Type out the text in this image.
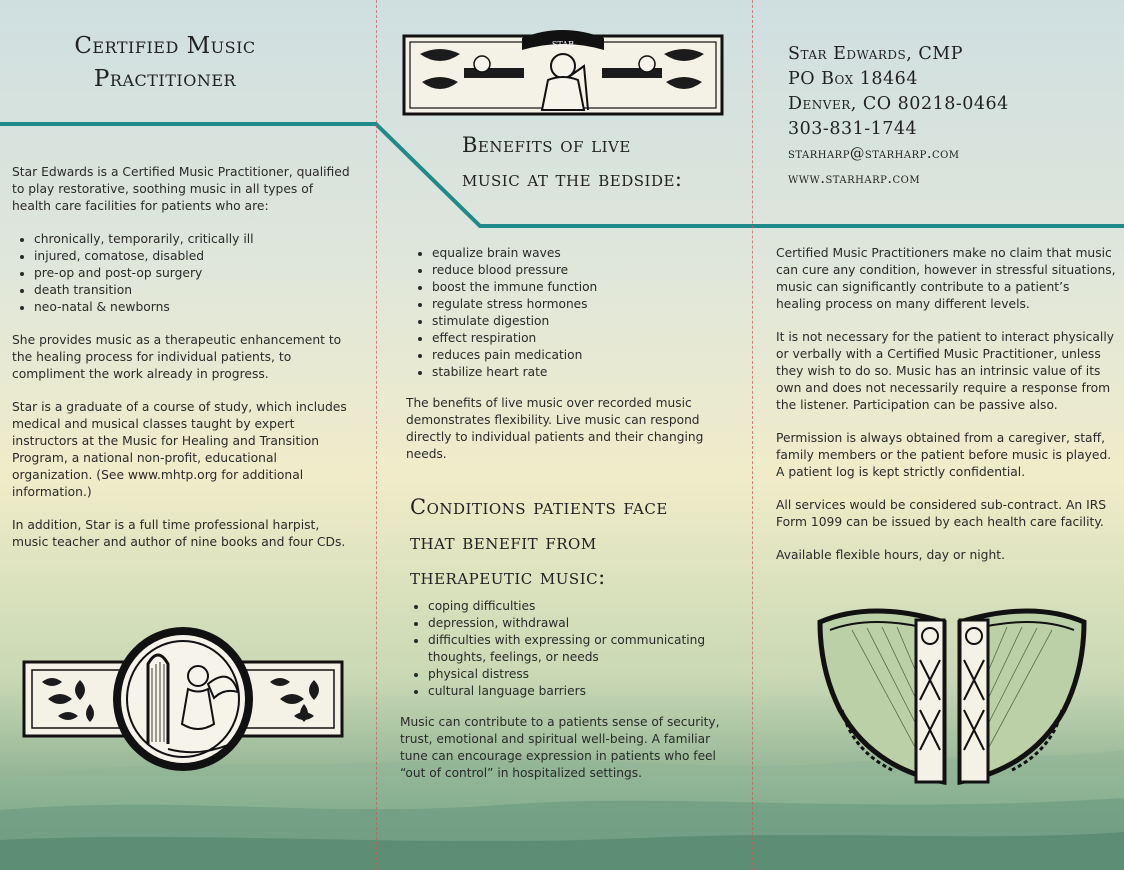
Certified Music
Practitioner

Star Edwards is a Certified Music Practitioner, qualified to play restorative, soothing music in all types of health care facilities for patients who are:

• chronically, temporarily, critically ill
• injured, comatose, disabled
• pre-op and post-op surgery
• death transition
• neo-natal & newborns

She provides music as a therapeutic enhancement to the healing process for individual patients, to compliment the work already in progress.

Star is a graduate of a course of study, which includes medical and musical classes taught by expert instructors at the Music for Healing and Transition Program, a national non-profit, educational organization. (See www.mhtp.org for additional information.)

In addition, Star is a full time professional harpist, music teacher and author of nine books and four CDs.

STAR
Benefits of live
music at the bedside:
• equalize brain waves
• reduce blood pressure
• boost the immune function
• regulate stress hormones
• stimulate digestion
• effect respiration
• reduces pain medication
• stabilize heart rate

The benefits of live music over recorded music demonstrates flexibility. Live music can respond directly to individual patients and their changing needs.

Conditions patients face
that benefit from
therapeutic music:
• coping difficulties
• depression, withdrawal
• difficulties with expressing or communicating thoughts, feelings, or needs
• physical distress
• cultural language barriers

Music can contribute to a patients sense of security, trust, emotional and spiritual well-being. A familiar tune can encourage expression in patients who feel “out of control” in hospitalized settings.

Star Edwards, CMP
PO Box 18464
Denver, CO 80218-0464
303-831-1744
starharp@starharp.com
www.starharp.com

Certified Music Practitioners make no claim that music can cure any condition, however in stressful situations, music can significantly contribute to a patient’s healing process on many different levels.

It is not necessary for the patient to interact physically or verbally with a Certified Music Practitioner, unless they wish to do so. Music has an intrinsic value of its own and does not necessarily require a response from the listener. Participation can be passive also.

Permission is always obtained from a caregiver, staff, family members or the patient before music is played. A patient log is kept strictly confidential.

All services would be considered sub-contract. An IRS Form 1099 can be issued by each health care facility.

Available flexible hours, day or night.
